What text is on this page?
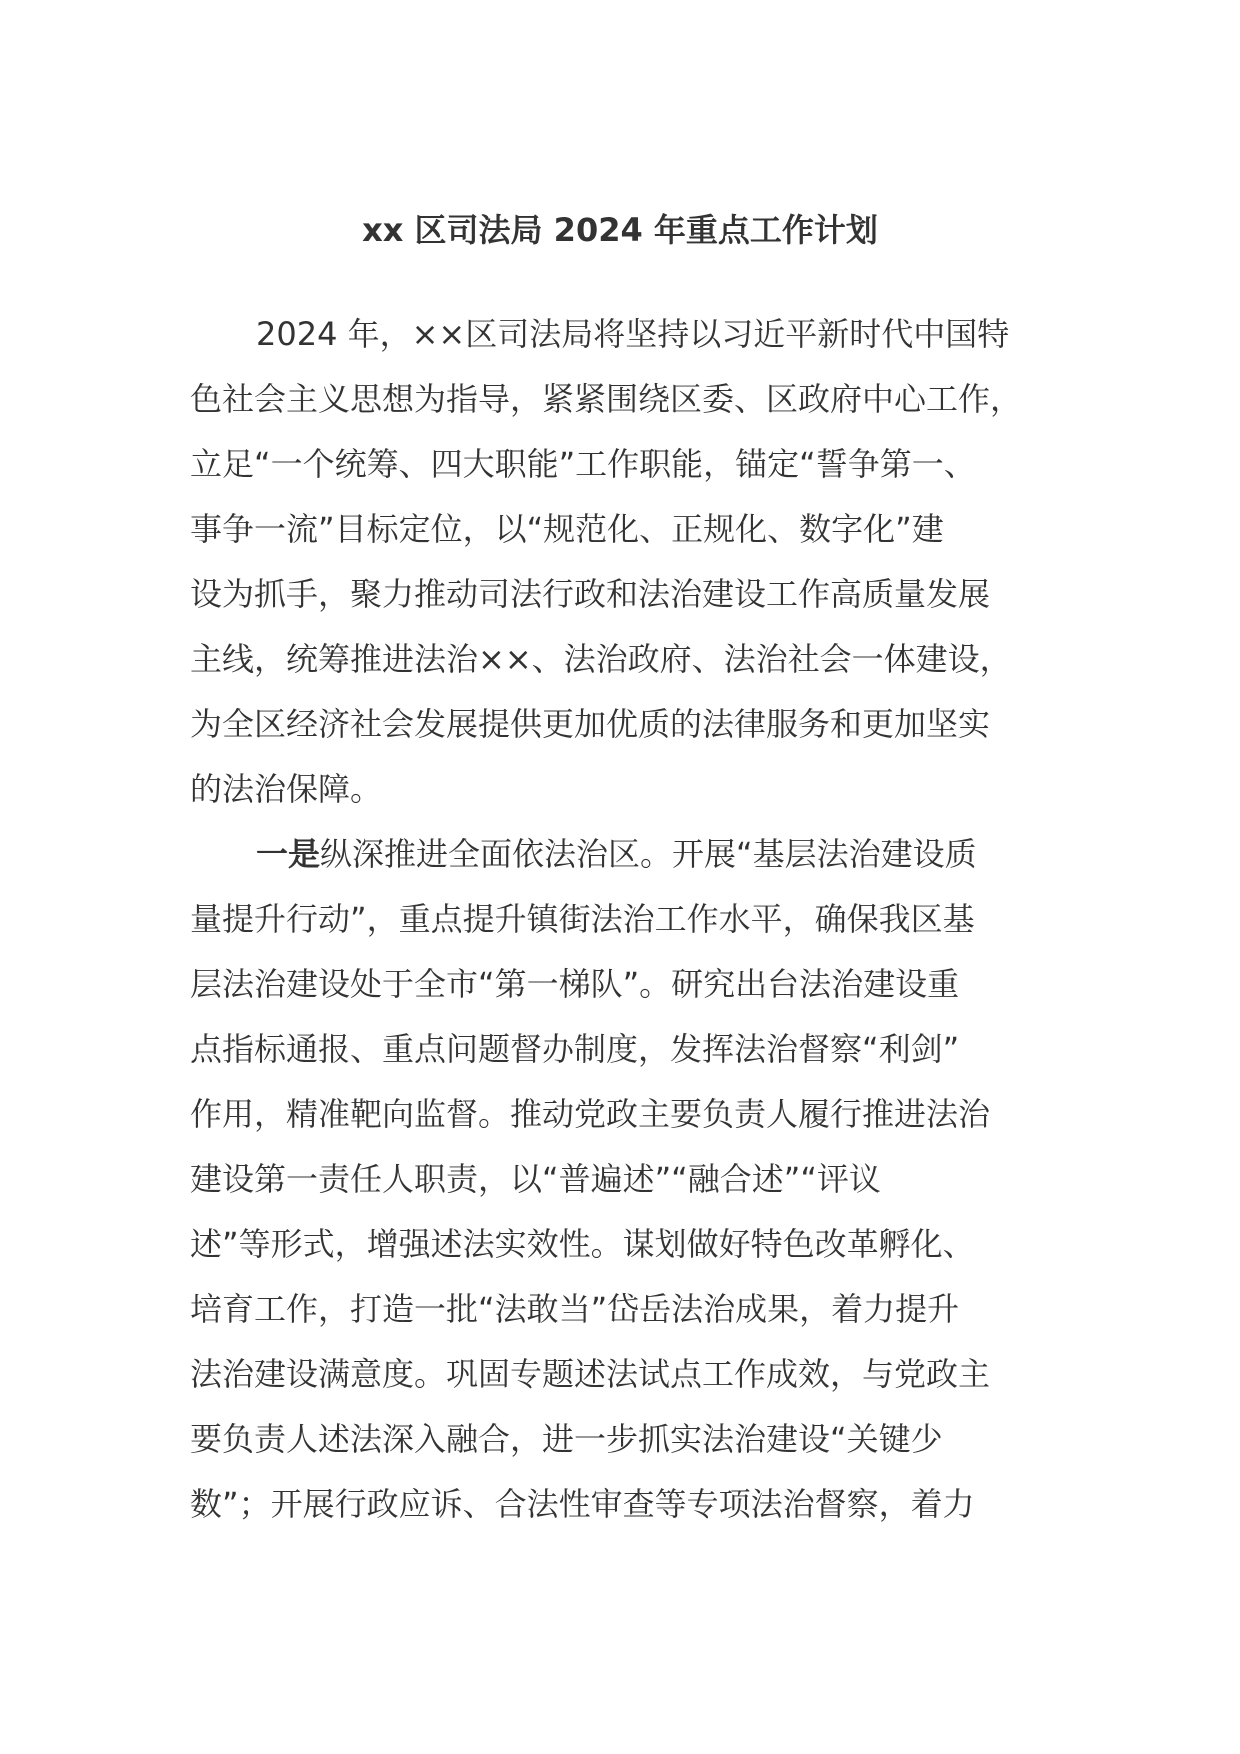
xx 区司法局 2024 年重点工作计划
2024 年，××区司法局将坚持以习近平新时代中国特
色社会主义思想为指导，紧紧围绕区委、区政府中心工作，
立足“一个统筹、四大职能”工作职能，锚定“誓争第一、
事争一流”目标定位，以“规范化、正规化、数字化”建
设为抓手，聚力推动司法行政和法治建设工作高质量发展
主线，统筹推进法治××、法治政府、法治社会一体建设，
为全区经济社会发展提供更加优质的法律服务和更加坚实
的法治保障。
一是纵深推进全面依法治区。开展“基层法治建设质
量提升行动”，重点提升镇街法治工作水平，确保我区基
层法治建设处于全市“第一梯队”。研究出台法治建设重
点指标通报、重点问题督办制度，发挥法治督察“利剑”
作用，精准靶向监督。推动党政主要负责人履行推进法治
建设第一责任人职责，以“普遍述”“融合述”“评议
述”等形式，增强述法实效性。谋划做好特色改革孵化、
培育工作，打造一批“法敢当”岱岳法治成果，着力提升
法治建设满意度。巩固专题述法试点工作成效，与党政主
要负责人述法深入融合，进一步抓实法治建设“关键少
数”；开展行政应诉、合法性审查等专项法治督察，着力
